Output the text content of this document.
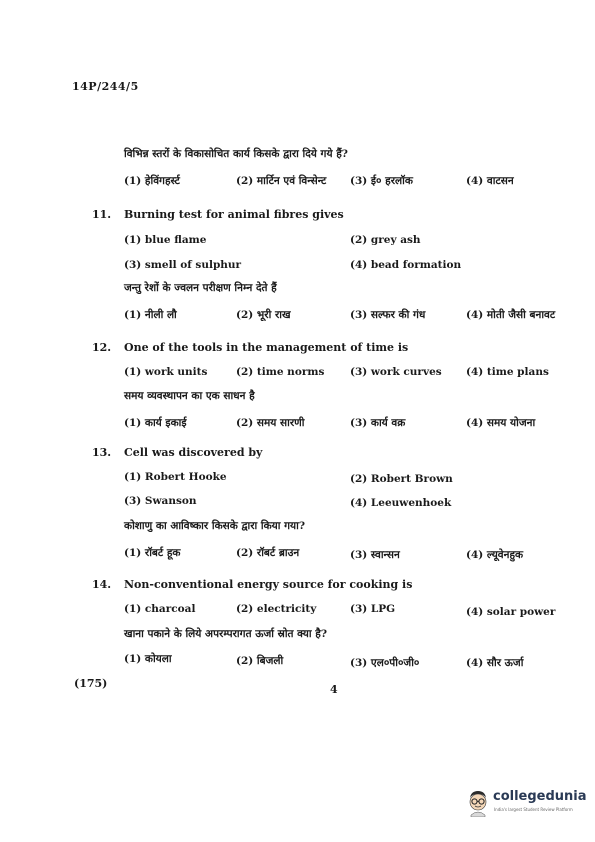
14P/244/5
विभिन्न स्तरों के विकासोचित कार्य किसके द्वारा दिये गये हैं?
(1) हेविंगहर्स्ट	(2) मार्टिन एवं विन्सेन्ट (3) ई० हरलॉक	(4) वाटसन
11. Burning test for animal fibres gives
(1) blue flame	(2) grey ash
(3) smell of sulphur	(4) bead formation
जन्तु रेशों के ज्वलन परीक्षण निम्न देते हैं
(1) नीली लौ	(2) भूरी राख	(3) सल्फर की गंध	(4) मोती जैसी बनावट
12. One of the tools in the management of time is
(1) work units	(2) time norms (3) work curves (4) time plans
समय व्यवस्थापन का एक साधन है
(1) कार्य इकाई	(2) समय सारणी	(3) कार्य वक्र	(4) समय योजना
13. Cell was discovered by
(1) Robert Hooke	(2) Robert Brown
(3) Swanson	(4) Leeuwenhoek
कोशाणु का आविष्कार किसके द्वारा किया गया?
(1) रॉबर्ट हूक	(2) रॉबर्ट ब्राउन	(3) स्वान्सन	(4) ल्यूवेनहुक
14. Non-conventional energy source for cooking is
(1) charcoal	(2) electricity	(3) LPG	(4) solar power
खाना पकाने के लिये अपरम्परागत ऊर्जा स्रोत क्या है?
(1) कोयला	(2) बिजली	(3) एल०पी०जी०	(4) सौर ऊर्जा
(175)	4
collegedunia
India's largest Student Review Platform
